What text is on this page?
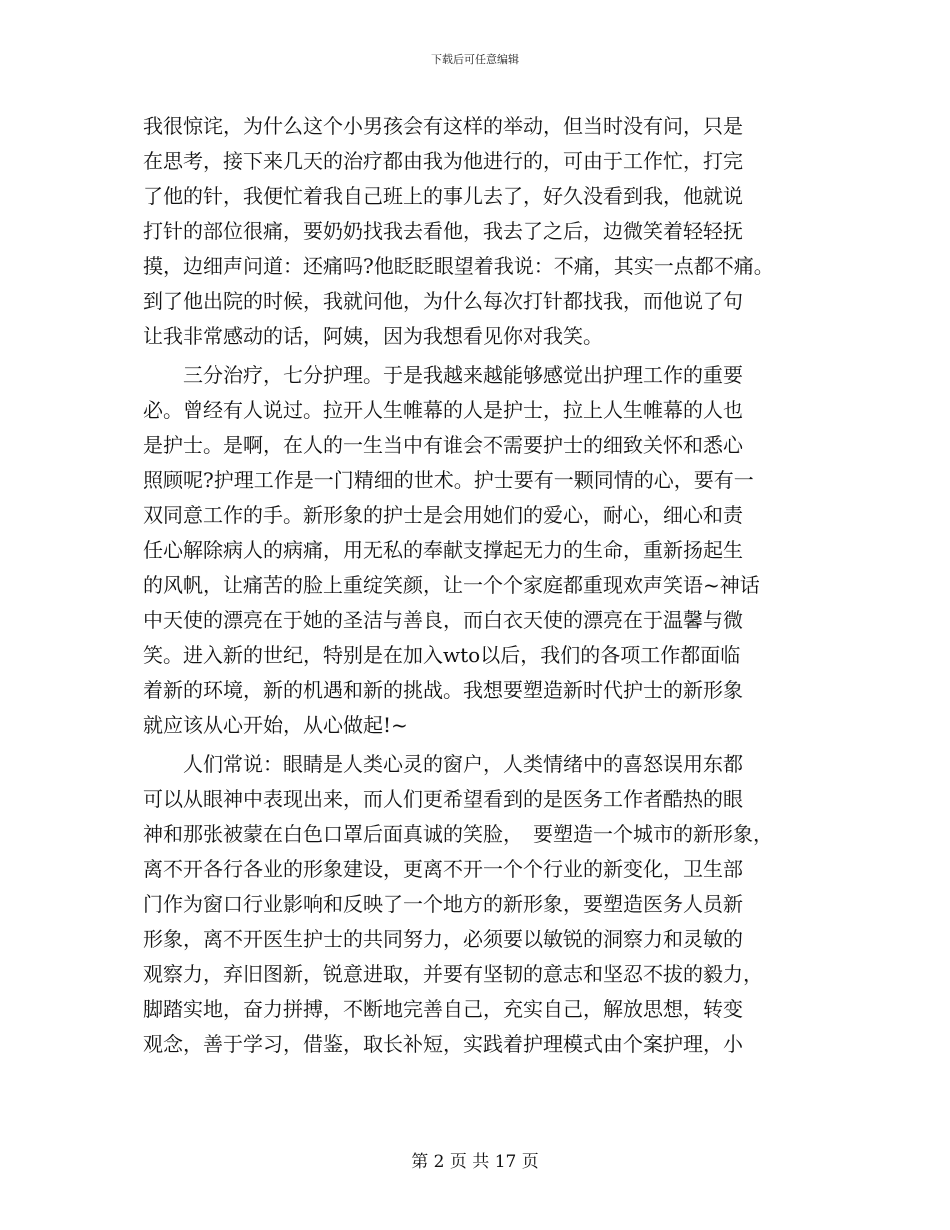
下载后可任意编辑
我很惊诧，为什么这个小男孩会有这样的举动，但当时没有问，只是
在思考，接下来几天的治疗都由我为他进行的，可由于工作忙，打完
了他的针，我便忙着我自己班上的事儿去了，好久没看到我，他就说
打针的部位很痛，要奶奶找我去看他，我去了之后，边微笑着轻轻抚
摸，边细声问道：还痛吗?他眨眨眼望着我说：不痛，其实一点都不痛。
到了他出院的时候，我就问他，为什么每次打针都找我，而他说了句
让我非常感动的话，阿姨，因为我想看见你对我笑。
　　三分治疗，七分护理。于是我越来越能够感觉出护理工作的重要
必。曾经有人说过。拉开人生帷幕的人是护士，拉上人生帷幕的人也
是护士。是啊，在人的一生当中有谁会不需要护士的细致关怀和悉心
照顾呢?护理工作是一门精细的世术。护士要有一颗同情的心，要有一
双同意工作的手。新形象的护士是会用她们的爱心，耐心，细心和责
任心解除病人的病痛，用无私的奉献支撑起无力的生命，重新扬起生
的风帆，让痛苦的脸上重绽笑颜，让一个个家庭都重现欢声笑语~神话
中天使的漂亮在于她的圣洁与善良，而白衣天使的漂亮在于温馨与微
笑。进入新的世纪，特别是在加入wto以后，我们的各项工作都面临
着新的环境，新的机遇和新的挑战。我想要塑造新时代护士的新形象
就应该从心开始，从心做起!~
　　人们常说：眼睛是人类心灵的窗户，人类情绪中的喜怒误用东都
可以从眼神中表现出来，而人们更希望看到的是医务工作者酷热的眼
神和那张被蒙在白色口罩后面真诚的笑脸，　要塑造一个城市的新形象，
离不开各行各业的形象建设，更离不开一个个行业的新变化，卫生部
门作为窗口行业影响和反映了一个地方的新形象，要塑造医务人员新
形象，离不开医生护士的共同努力，必须要以敏锐的洞察力和灵敏的
观察力，弃旧图新，锐意进取，并要有坚韧的意志和坚忍不拔的毅力，
脚踏实地，奋力拼搏，不断地完善自己，充实自己，解放思想，转变
观念，善于学习，借鉴，取长补短，实践着护理模式由个案护理，小
第 2 页 共 17 页
